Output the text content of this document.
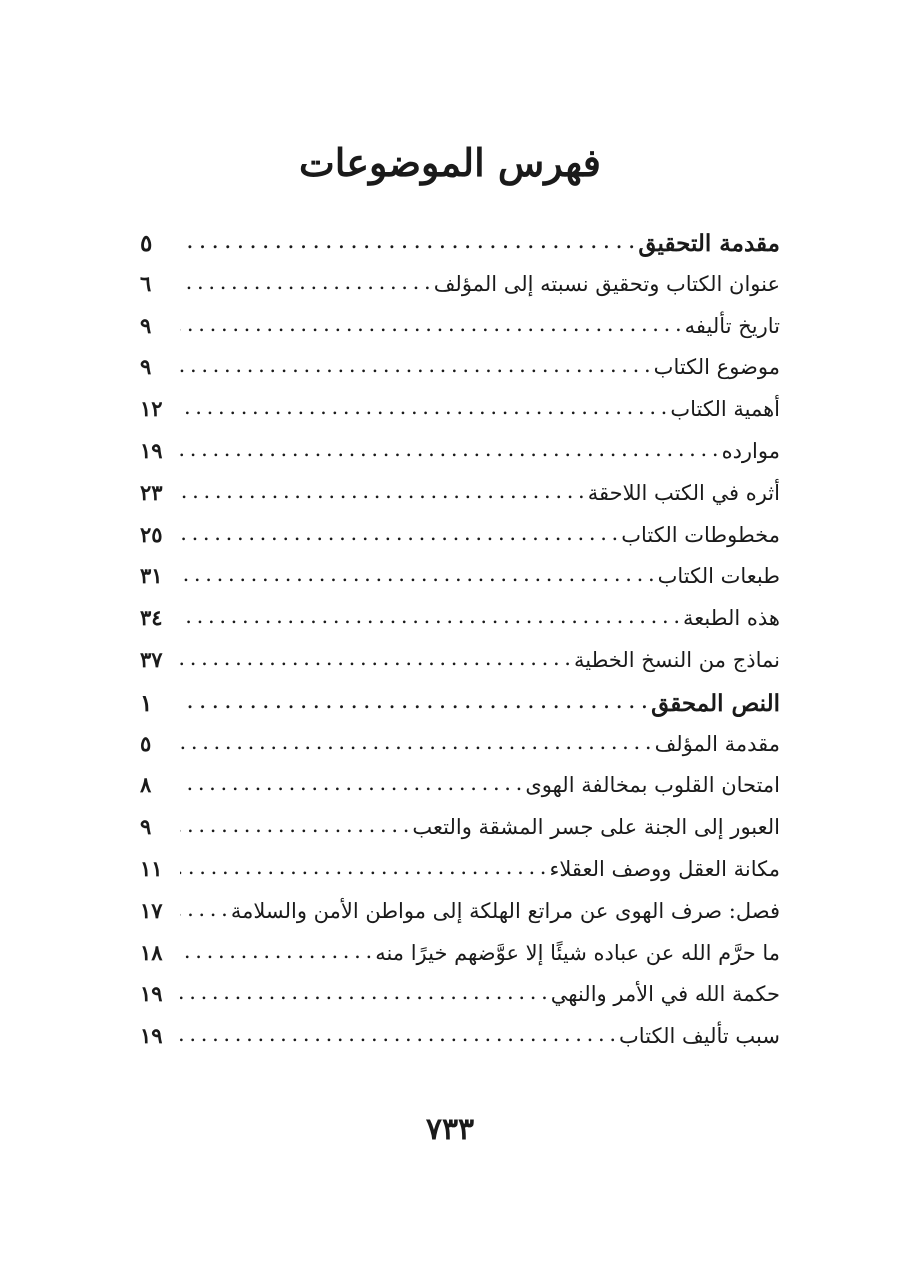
فهرس الموضوعات
مقدمة التحقيق
. . .
٥
عنوان الكتاب وتحقيق نسبته إلى المؤلف
. . .
٦
تاريخ تأليفه
. . .
٩
موضوع الكتاب
. . .
٩
أهمية الكتاب
. . .
١٢
موارده
. . .
١٩
أثره في الكتب اللاحقة
. . .
٢٣
مخطوطات الكتاب
. . .
٢٥
طبعات الكتاب
. . .
٣١
هذه الطبعة
. . .
٣٤
نماذج من النسخ الخطية
. . .
٣٧
النص المحقق
. . .
١
مقدمة المؤلف
. . .
٥
امتحان القلوب بمخالفة الهوى
. . .
٨
العبور إلى الجنة على جسر المشقة والتعب
. . .
٩
مكانة العقل ووصف العقلاء
. . .
١١
فصل: صرف الهوى عن مراتع الهلكة إلى مواطن الأمن والسلامة
. . .
١٧
ما حرَّم الله عن عباده شيئًا إلا عوَّضهم خيرًا منه
. . .
١٨
حكمة الله في الأمر والنهي
. . .
١٩
سبب تأليف الكتاب
. . .
١٩
٧٣٣
